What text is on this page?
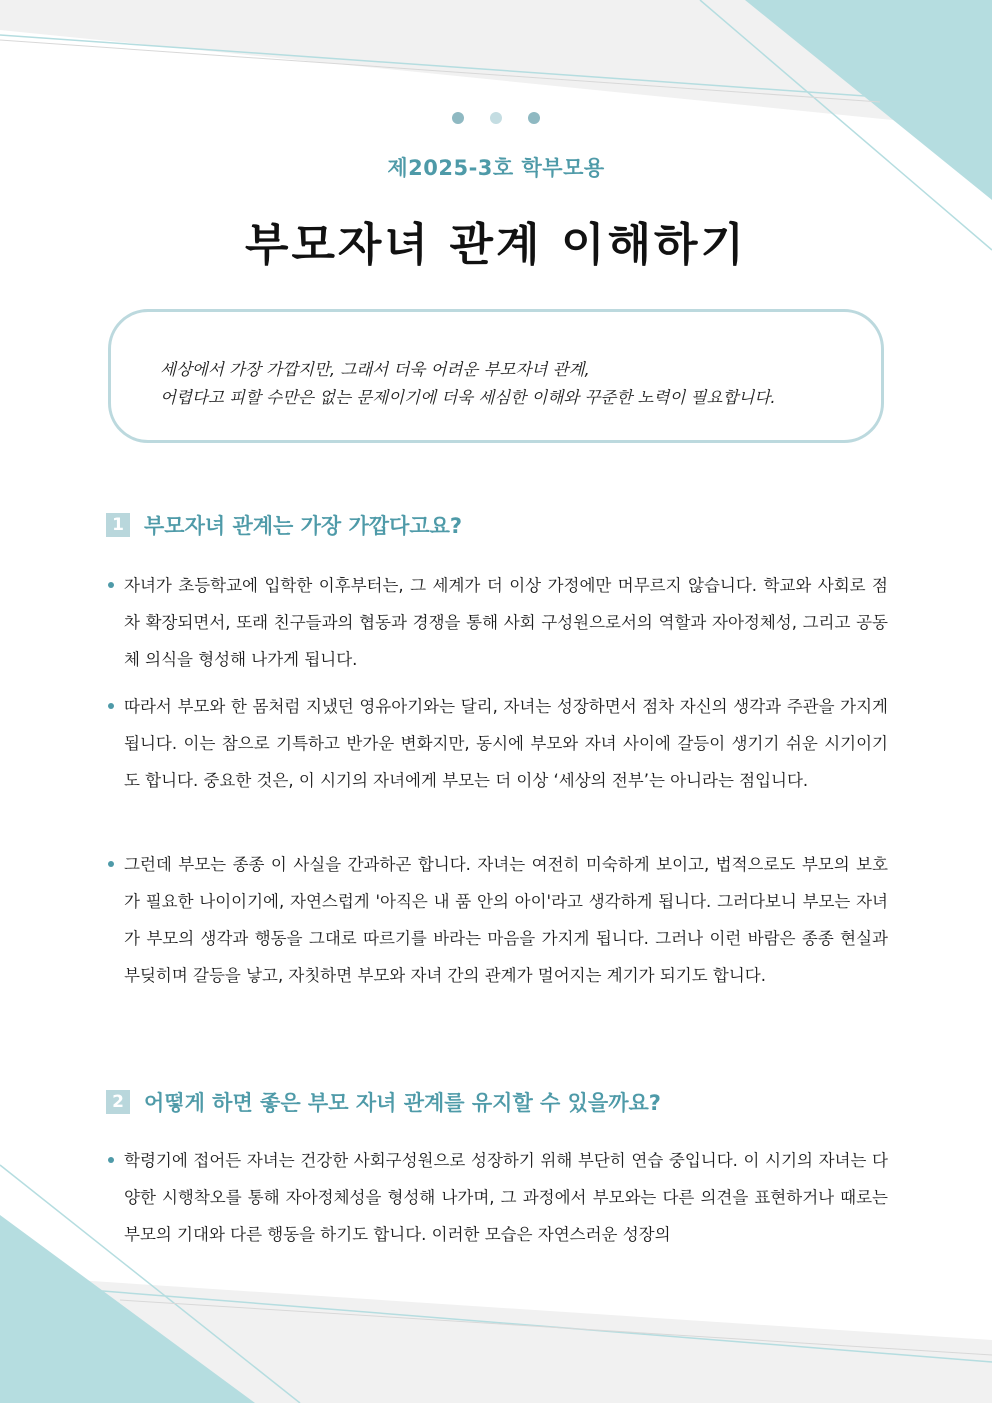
제2025-3호 학부모용
부모자녀 관계 이해하기
세상에서 가장 가깝지만, 그래서 더욱 어려운 부모자녀 관계,
어렵다고 피할 수만은 없는 문제이기에 더욱 세심한 이해와 꾸준한 노력이 필요합니다.
1 부모자녀 관계는 가장 가깝다고요?
자녀가 초등학교에 입학한 이후부터는, 그 세계가 더 이상 가정에만 머무르지 않습니다. 학교와 사회로 점차 확장되면서, 또래 친구들과의 협동과 경쟁을 통해 사회 구성원으로서의 역할과 자아정체성, 그리고 공동체 의식을 형성해 나가게 됩니다.
따라서 부모와 한 몸처럼 지냈던 영유아기와는 달리, 자녀는 성장하면서 점차 자신의 생각과 주관을 가지게 됩니다. 이는 참으로 기특하고 반가운 변화지만, 동시에 부모와 자녀 사이에 갈등이 생기기 쉬운 시기이기도 합니다. 중요한 것은, 이 시기의 자녀에게 부모는 더 이상 ‘세상의 전부’는 아니라는 점입니다.
그런데 부모는 종종 이 사실을 간과하곤 합니다. 자녀는 여전히 미숙하게 보이고, 법적으로도 부모의 보호가 필요한 나이이기에, 자연스럽게 '아직은 내 품 안의 아이'라고 생각하게 됩니다. 그러다보니 부모는 자녀가 부모의 생각과 행동을 그대로 따르기를 바라는 마음을 가지게 됩니다. 그러나 이런 바람은 종종 현실과 부딪히며 갈등을 낳고, 자칫하면 부모와 자녀 간의 관계가 멀어지는 계기가 되기도 합니다.
2 어떻게 하면 좋은 부모 자녀 관계를 유지할 수 있을까요?
학령기에 접어든 자녀는 건강한 사회구성원으로 성장하기 위해 부단히 연습 중입니다. 이 시기의 자녀는 다양한 시행착오를 통해 자아정체성을 형성해 나가며, 그 과정에서 부모와는 다른 의견을 표현하거나 때로는 부모의 기대와 다른 행동을 하기도 합니다. 이러한 모습은 자연스러운 성장의
